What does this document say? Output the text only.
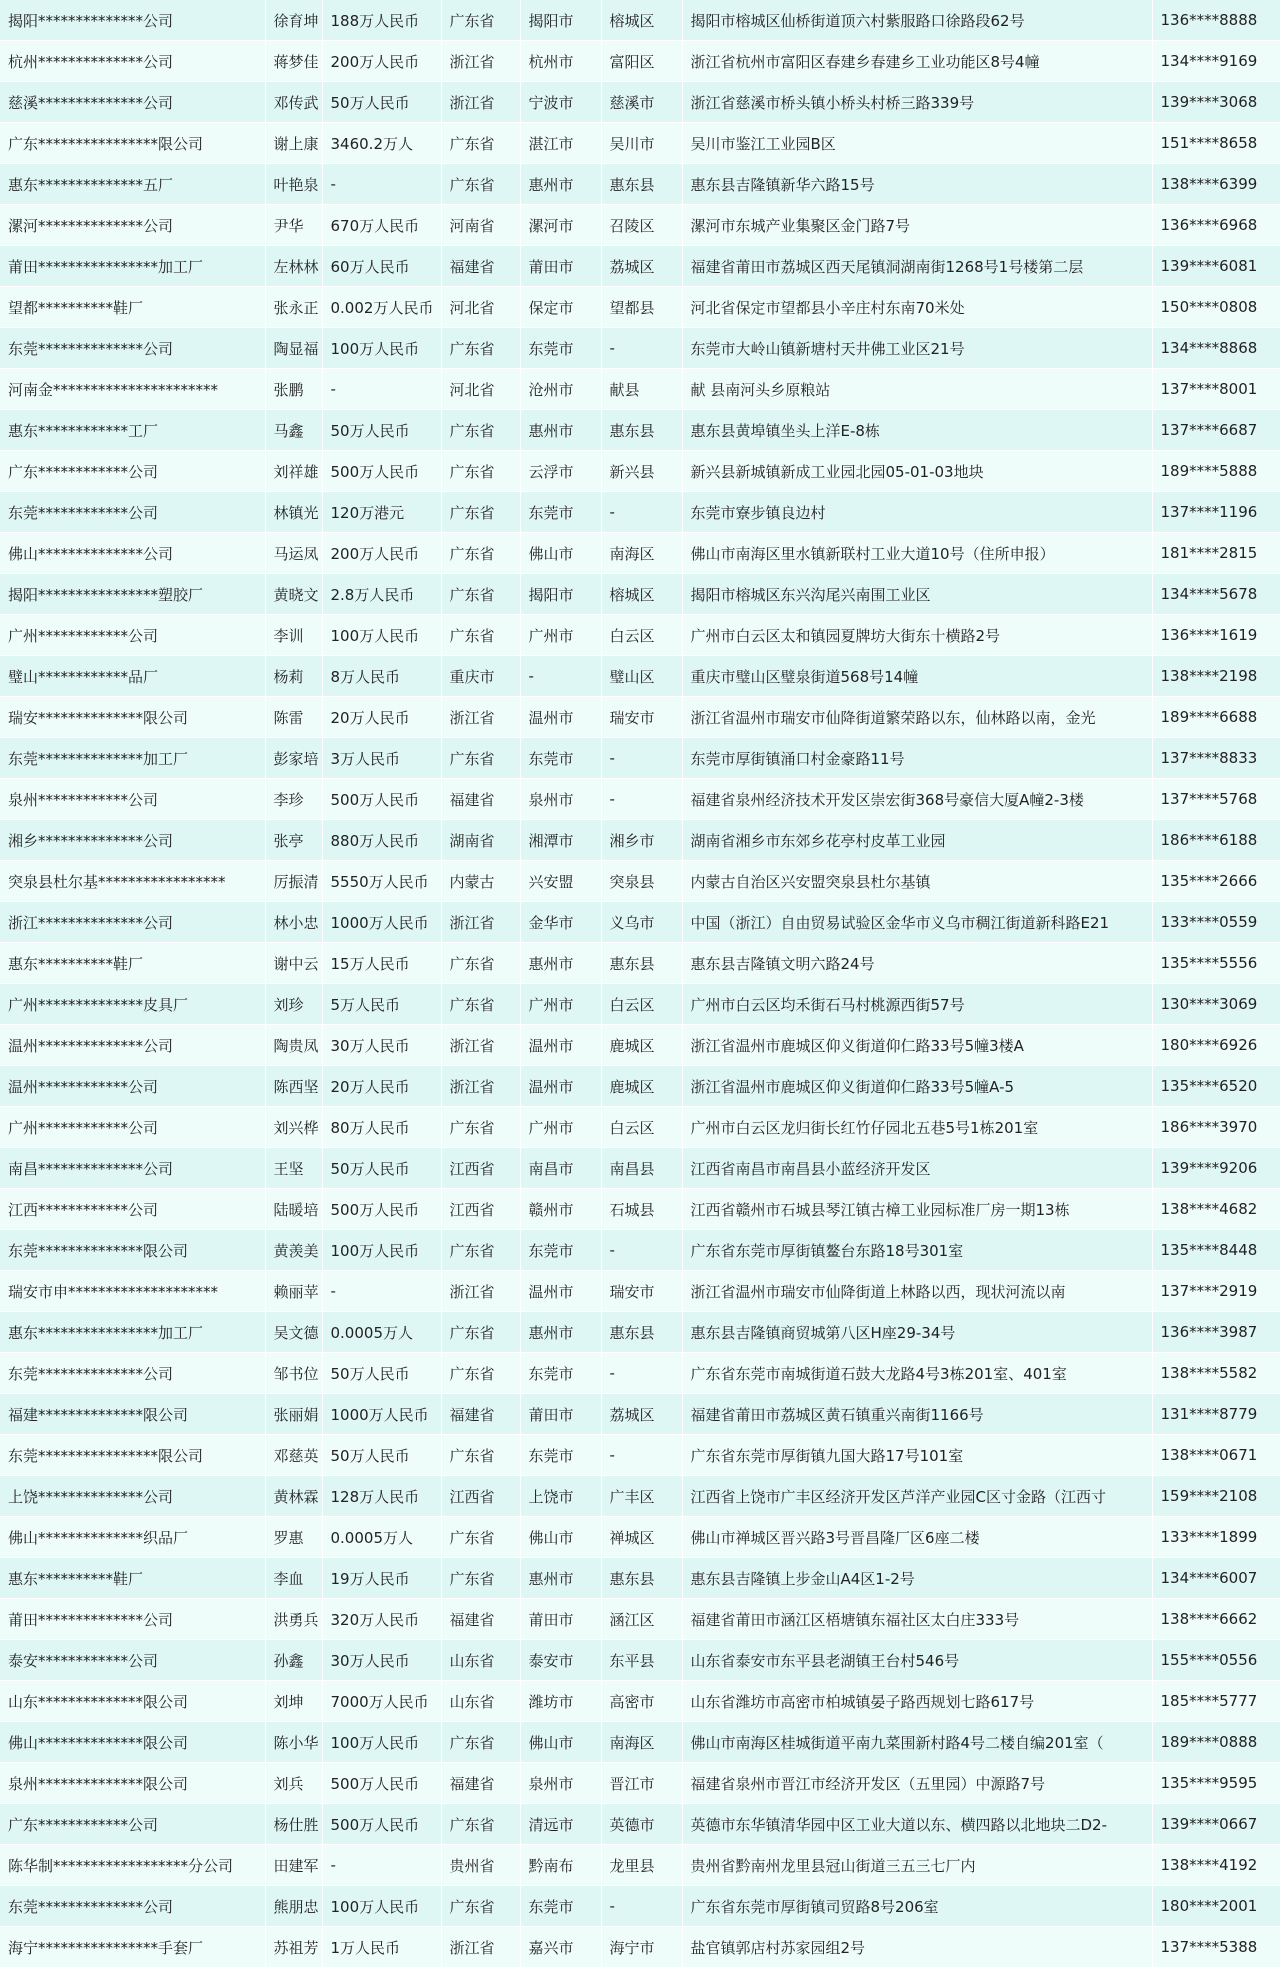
揭阳**************公司	徐育坤	188万人民币	广东省	揭阳市	榕城区	揭阳市榕城区仙桥街道顶六村紫服路口徐路段62号	136****8888
杭州**************公司	蒋梦佳	200万人民币	浙江省	杭州市	富阳区	浙江省杭州市富阳区春建乡春建乡工业功能区8号4幢	134****9169
慈溪**************公司	邓传武	50万人民币	浙江省	宁波市	慈溪市	浙江省慈溪市桥头镇小桥头村桥三路339号	139****3068
广东****************限公司	谢上康	3460.2万人	广东省	湛江市	吴川市	吴川市鉴江工业园B区	151****8658
惠东**************五厂	叶艳泉	-	广东省	惠州市	惠东县	惠东县吉隆镇新华六路15号	138****6399
漯河**************公司	尹华	670万人民币	河南省	漯河市	召陵区	漯河市东城产业集聚区金门路7号	136****6968
莆田****************加工厂	左林林	60万人民币	福建省	莆田市	荔城区	福建省莆田市荔城区西天尾镇洞湖南街1268号1号楼第二层	139****6081
望都**********鞋厂	张永正	0.002万人民币	河北省	保定市	望都县	河北省保定市望都县小辛庄村东南70米处	150****0808
东莞**************公司	陶显福	100万人民币	广东省	东莞市	-	东莞市大岭山镇新塘村天井佛工业区21号	134****8868
河南金**********************	张鹏	-	河北省	沧州市	献县	献 县南河头乡原粮站	137****8001
惠东************工厂	马鑫	50万人民币	广东省	惠州市	惠东县	惠东县黄埠镇坐头上洋E-8栋	137****6687
广东************公司	刘祥雄	500万人民币	广东省	云浮市	新兴县	新兴县新城镇新成工业园北园05-01-03地块	189****5888
东莞************公司	林镇光	120万港元	广东省	东莞市	-	东莞市寮步镇良边村	137****1196
佛山**************公司	马运凤	200万人民币	广东省	佛山市	南海区	佛山市南海区里水镇新联村工业大道10号（住所申报）	181****2815
揭阳****************塑胶厂	黄晓文	2.8万人民币	广东省	揭阳市	榕城区	揭阳市榕城区东兴沟尾兴南围工业区	134****5678
广州************公司	李训	100万人民币	广东省	广州市	白云区	广州市白云区太和镇园夏牌坊大街东十横路2号	136****1619
璧山************品厂	杨莉	8万人民币	重庆市	-	璧山区	重庆市璧山区璧泉街道568号14幢	138****2198
瑞安**************限公司	陈雷	20万人民币	浙江省	温州市	瑞安市	浙江省温州市瑞安市仙降街道繁荣路以东，仙林路以南，金光	189****6688
东莞**************加工厂	彭家培	3万人民币	广东省	东莞市	-	东莞市厚街镇涌口村金豪路11号	137****8833
泉州************公司	李珍	500万人民币	福建省	泉州市	-	福建省泉州经济技术开发区崇宏街368号豪信大厦A幢2-3楼	137****5768
湘乡**************公司	张亭	880万人民币	湖南省	湘潭市	湘乡市	湖南省湘乡市东郊乡花亭村皮革工业园	186****6188
突泉县杜尔基*****************	厉振清	5550万人民币	内蒙古	兴安盟	突泉县	内蒙古自治区兴安盟突泉县杜尔基镇	135****2666
浙江**************公司	林小忠	1000万人民币	浙江省	金华市	义乌市	中国（浙江）自由贸易试验区金华市义乌市稠江街道新科路E21	133****0559
惠东**********鞋厂	谢中云	15万人民币	广东省	惠州市	惠东县	惠东县吉隆镇文明六路24号	135****5556
广州**************皮具厂	刘珍	5万人民币	广东省	广州市	白云区	广州市白云区均禾街石马村桃源西街57号	130****3069
温州**************公司	陶贵凤	30万人民币	浙江省	温州市	鹿城区	浙江省温州市鹿城区仰义街道仰仁路33号5幢3楼A	180****6926
温州************公司	陈西坚	20万人民币	浙江省	温州市	鹿城区	浙江省温州市鹿城区仰义街道仰仁路33号5幢A-5	135****6520
广州************公司	刘兴桦	80万人民币	广东省	广州市	白云区	广州市白云区龙归街长红竹仔园北五巷5号1栋201室	186****3970
南昌**************公司	王坚	50万人民币	江西省	南昌市	南昌县	江西省南昌市南昌县小蓝经济开发区	139****9206
江西************公司	陆暖培	500万人民币	江西省	赣州市	石城县	江西省赣州市石城县琴江镇古樟工业园标准厂房一期13栋	138****4682
东莞**************限公司	黄羡美	100万人民币	广东省	东莞市	-	广东省东莞市厚街镇鳌台东路18号301室	135****8448
瑞安市申********************	赖丽苹	-	浙江省	温州市	瑞安市	浙江省温州市瑞安市仙降街道上林路以西，现状河流以南	137****2919
惠东****************加工厂	吴文德	0.0005万人	广东省	惠州市	惠东县	惠东县吉隆镇商贸城第八区H座29-34号	136****3987
东莞**************公司	邹书位	50万人民币	广东省	东莞市	-	广东省东莞市南城街道石鼓大龙路4号3栋201室、401室	138****5582
福建**************限公司	张丽娟	1000万人民币	福建省	莆田市	荔城区	福建省莆田市荔城区黄石镇重兴南街1166号	131****8779
东莞****************限公司	邓慈英	50万人民币	广东省	东莞市	-	广东省东莞市厚街镇九国大路17号101室	138****0671
上饶**************公司	黄林霖	128万人民币	江西省	上饶市	广丰区	江西省上饶市广丰区经济开发区芦洋产业园C区寸金路（江西寸	159****2108
佛山**************织品厂	罗惠	0.0005万人	广东省	佛山市	禅城区	佛山市禅城区晋兴路3号晋昌隆厂区6座二楼	133****1899
惠东**********鞋厂	李血	19万人民币	广东省	惠州市	惠东县	惠东县吉隆镇上步金山A4区1-2号	134****6007
莆田**************公司	洪勇兵	320万人民币	福建省	莆田市	涵江区	福建省莆田市涵江区梧塘镇东福社区太白庄333号	138****6662
泰安************公司	孙鑫	30万人民币	山东省	泰安市	东平县	山东省泰安市东平县老湖镇王台村546号	155****0556
山东**************限公司	刘坤	7000万人民币	山东省	潍坊市	高密市	山东省潍坊市高密市柏城镇晏子路西规划七路617号	185****5777
佛山**************限公司	陈小华	100万人民币	广东省	佛山市	南海区	佛山市南海区桂城街道平南九菜围新村路4号二楼自编201室（	189****0888
泉州**************限公司	刘兵	500万人民币	福建省	泉州市	晋江市	福建省泉州市晋江市经济开发区（五里园）中源路7号	135****9595
广东************公司	杨仕胜	500万人民币	广东省	清远市	英德市	英德市东华镇清华园中区工业大道以东、横四路以北地块二D2-	139****0667
陈华制******************分公司	田建军	-	贵州省	黔南布	龙里县	贵州省黔南州龙里县冠山街道三五三七厂内	138****4192
东莞**************公司	熊朋忠	100万人民币	广东省	东莞市	-	广东省东莞市厚街镇司贸路8号206室	180****2001
海宁****************手套厂	苏祖芳	1万人民币	浙江省	嘉兴市	海宁市	盐官镇郭店村苏家园组2号	137****5388
